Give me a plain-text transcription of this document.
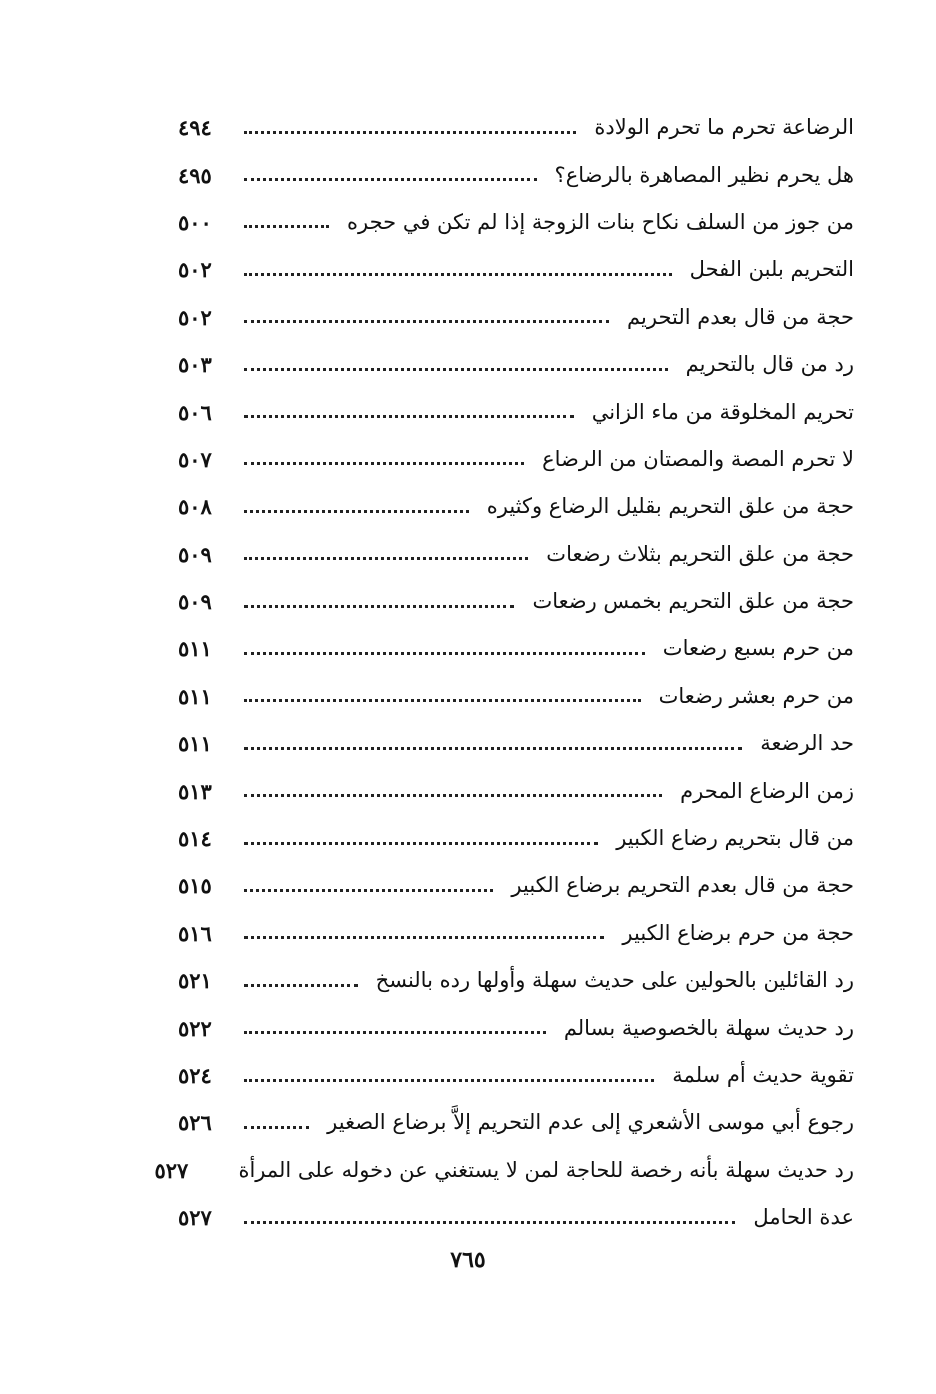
الرضاعة تحرم ما تحرم الولادة
٤٩٤
هل يحرم نظير المصاهرة بالرضاع؟
٤٩٥
من جوز من السلف نكاح بنات الزوجة إذا لم تكن في حجره
٥٠٠
التحريم بلبن الفحل
٥٠٢
حجة من قال بعدم التحريم
٥٠٢
رد من قال بالتحريم
٥٠٣
تحريم المخلوقة من ماء الزاني
٥٠٦
لا تحرم المصة والمصتان من الرضاع
٥٠٧
حجة من علق التحريم بقليل الرضاع وكثيره
٥٠٨
حجة من علق التحريم بثلاث رضعات
٥٠٩
حجة من علق التحريم بخمس رضعات
٥٠٩
من حرم بسبع رضعات
٥١١
من حرم بعشر رضعات
٥١١
حد الرضعة
٥١١
زمن الرضاع المحرم
٥١٣
من قال بتحريم رضاع الكبير
٥١٤
حجة من قال بعدم التحريم برضاع الكبير
٥١٥
حجة من حرم برضاع الكبير
٥١٦
رد القائلين بالحولين على حديث سهلة وأولها رده بالنسخ
٥٢١
رد حديث سهلة بالخصوصية بسالم
٥٢٢
تقوية حديث أم سلمة
٥٢٤
رجوع أبي موسى الأشعري إلى عدم التحريم إلاَّ برضاع الصغير
٥٢٦
رد حديث سهلة بأنه رخصة للحاجة لمن لا يستغني عن دخوله على المرأة
٥٢٧
عدة الحامل
٥٢٧
٧٦٥
